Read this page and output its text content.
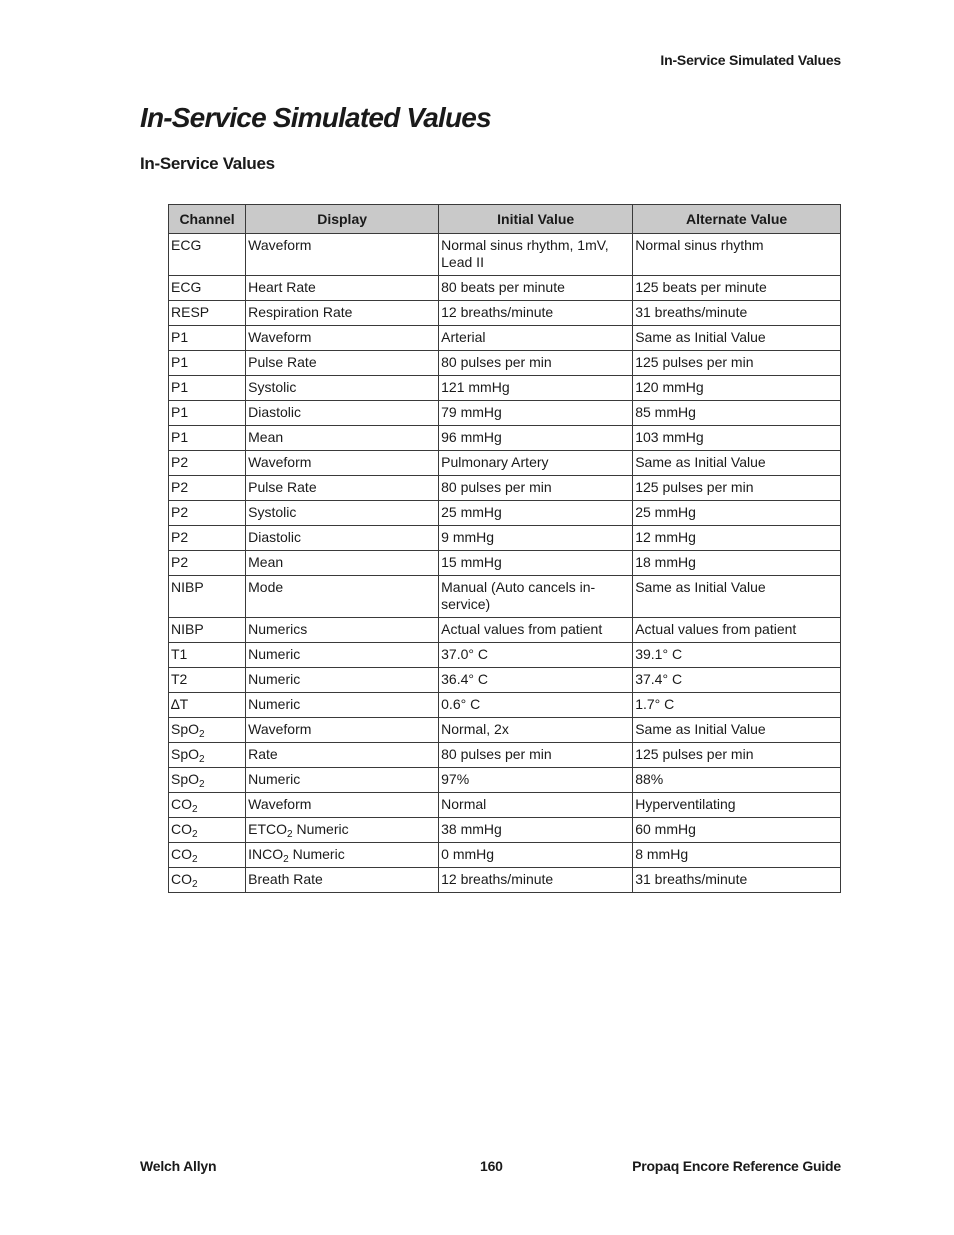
In-Service Simulated Values
In-Service Simulated Values
In-Service Values
Channel	Display	Initial Value	Alternate Value
ECG	Waveform	Normal sinus rhythm, 1mV, Lead II	Normal sinus rhythm
ECG	Heart Rate	80 beats per minute	125 beats per minute
RESP	Respiration Rate	12 breaths/minute	31 breaths/minute
P1	Waveform	Arterial	Same as Initial Value
P1	Pulse Rate	80 pulses per min	125 pulses per min
P1	Systolic	121 mmHg	120 mmHg
P1	Diastolic	79 mmHg	85 mmHg
P1	Mean	96 mmHg	103 mmHg
P2	Waveform	Pulmonary Artery	Same as Initial Value
P2	Pulse Rate	80 pulses per min	125 pulses per min
P2	Systolic	25 mmHg	25 mmHg
P2	Diastolic	9 mmHg	12 mmHg
P2	Mean	15 mmHg	18 mmHg
NIBP	Mode	Manual (Auto cancels in-service)	Same as Initial Value
NIBP	Numerics	Actual values from patient	Actual values from patient
T1	Numeric	37.0° C	39.1° C
T2	Numeric	36.4° C	37.4° C
∆T	Numeric	0.6° C	1.7° C
SpO$_2$	Waveform	Normal, 2x	Same as Initial Value
SpO$_2$	Rate	80 pulses per min	125 pulses per min
SpO$_2$	Numeric	97%	88%
$CO_2$	Waveform	Normal	Hyperventilating
$CO_2$	$ETCO_2$ Numeric	38 mmHg	60 mmHg
$CO_2$	$INCO_2$ Numeric	0 mmHg	8 mmHg
$CO_2$	Breath Rate	12 breaths/minute	31 breaths/minute
Welch Allyn	160	Propaq Encore Reference Guide
